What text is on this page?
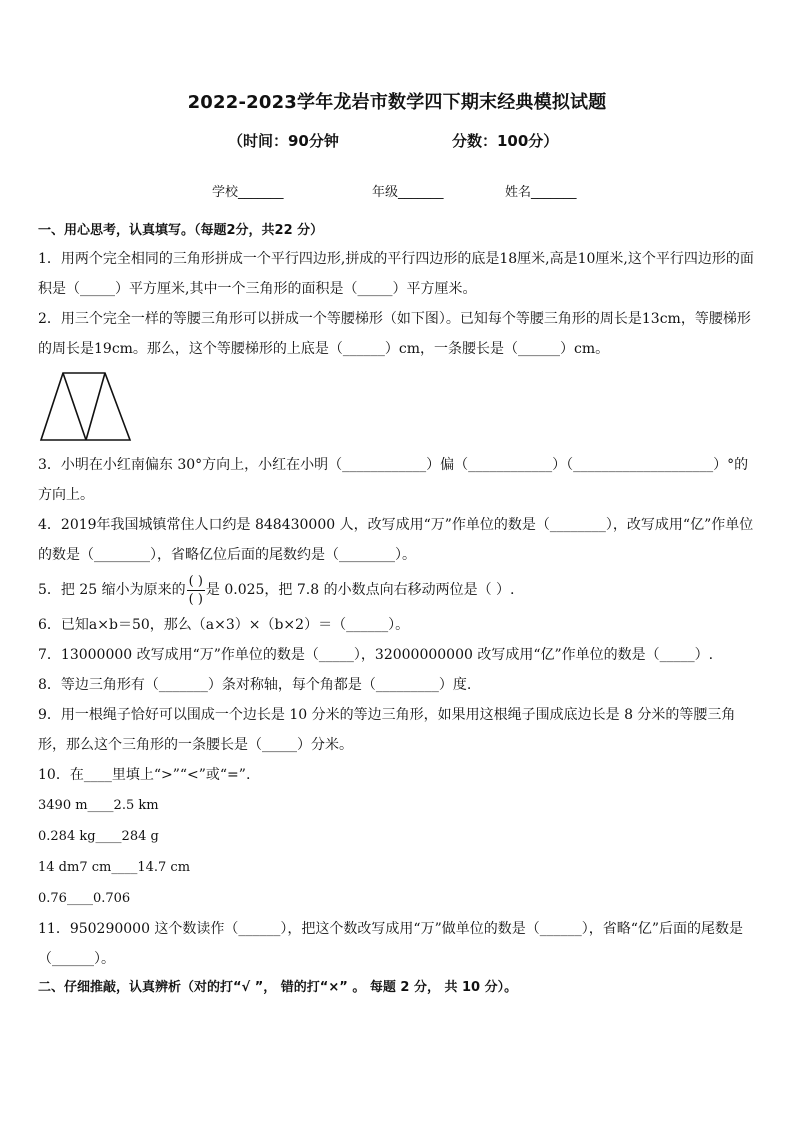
2022-2023学年龙岩市数学四下期末经典模拟试题
（时间：90分钟	分数：100分）
学校_______	年级_______	姓名_______
一、用心思考，认真填写。（每题2分，共22 分）
1．用两个完全相同的三角形拼成一个平行四边形,拼成的平行四边形的底是18厘米,高是10厘米,这个平行四边形的面积是（_____）平方厘米,其中一个三角形的面积是（_____）平方厘米。
2．用三个完全一样的等腰三角形可以拼成一个等腰梯形（如下图）。已知每个等腰三角形的周长是13cm，等腰梯形的周长是19cm。那么，这个等腰梯形的上底是（______）cm，一条腰长是（______）cm。
3．小明在小红南偏东 30°方向上，小红在小明（____________）偏（____________）（____________________）°的方向上。
4．2019年我国城镇常住人口约是 848430000 人，改写成用“万”作单位的数是（________），改写成用“亿”作单位的数是（________），省略亿位后面的尾数约是（________）。
5．把 25 缩小为原来的 $\frac{( )}{( )}$ 是 0.025，把 7.8 的小数点向右移动两位是（ ）.
6．已知a×b＝50，那么（a×3）×（b×2）＝（______）。
7．13000000 改写成用“万”作单位的数是（_____），32000000000 改写成用“亿”作单位的数是（_____）.
8．等边三角形有（_______）条对称轴，每个角都是（_________）度.
9．用一根绳子恰好可以围成一个边长是 10 分米的等边三角形，如果用这根绳子围成底边长是 8 分米的等腰三角形，那么这个三角形的一条腰长是（_____）分米。
10．在____里填上“>”“<”或“=”.
3490 m____2.5 km
0.284 kg____284 g
14 dm7 cm____14.7 cm
0.76____0.706
11．950290000 这个数读作（______），把这个数改写成用“万”做单位的数是（______），省略“亿”后面的尾数是（______）。
二、仔细推敲，认真辨析（对的打“√ ”， 错的打“×” 。 每题 2 分， 共 10 分）。
